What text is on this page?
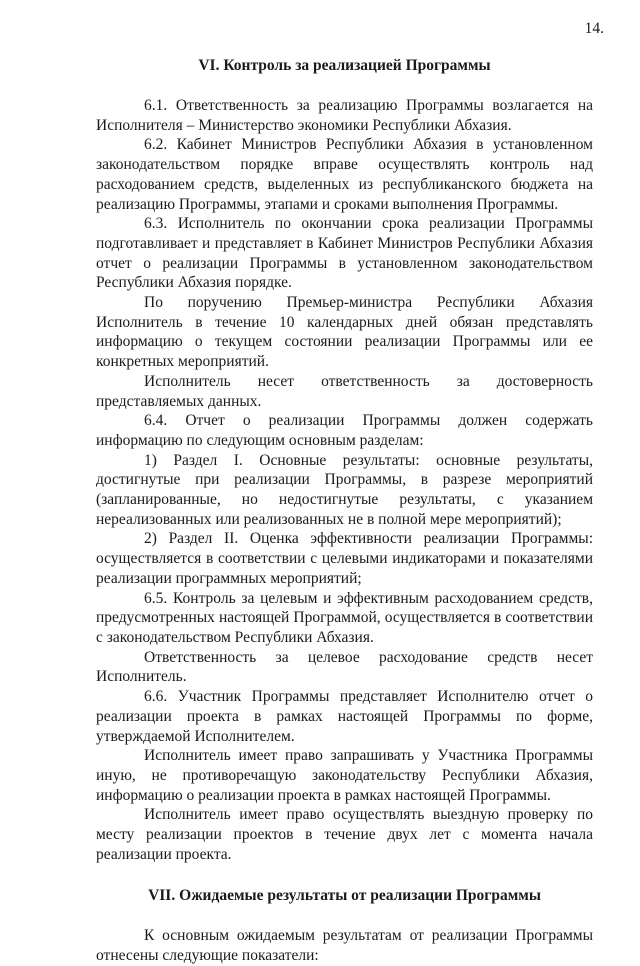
14.
VI. Контроль за реализацией Программы

6.1. Ответственность за реализацию Программы возлагается на Исполнителя – Министерство экономики Республики Абхазия.

6.2. Кабинет Министров Республики Абхазия в установленном законодательством порядке вправе осуществлять контроль над расходованием средств, выделенных из республиканского бюджета на реализацию Программы, этапами и сроками выполнения Программы.

6.3. Исполнитель по окончании срока реализации Программы подготавливает и представляет в Кабинет Министров Республики Абхазия отчет о реализации Программы в установленном законодательством Республики Абхазия порядке.

По поручению Премьер-министра Республики Абхазия Исполнитель в течение 10 календарных дней обязан представлять информацию о текущем состоянии реализации Программы или ее конкретных мероприятий.

Исполнитель несет ответственность за достоверность представляемых данных.

6.4. Отчет о реализации Программы должен содержать информацию по следующим основным разделам:

1) Раздел I. Основные результаты: основные результаты, достигнутые при реализации Программы, в разрезе мероприятий (запланированные, но недостигнутые результаты, с указанием нереализованных или реализованных не в полной мере мероприятий);

2) Раздел II. Оценка эффективности реализации Программы: осуществляется в соответствии с целевыми индикаторами и показателями реализации программных мероприятий;

6.5. Контроль за целевым и эффективным расходованием средств, предусмотренных настоящей Программой, осуществляется в соответствии с законодательством Республики Абхазия.

Ответственность за целевое расходование средств несет Исполнитель.

6.6. Участник Программы представляет Исполнителю отчет о реализации проекта в рамках настоящей Программы по форме, утверждаемой Исполнителем.

Исполнитель имеет право запрашивать у Участника Программы иную, не противоречащую законодательству Республики Абхазия, информацию о реализации проекта в рамках настоящей Программы.

Исполнитель имеет право осуществлять выездную проверку по месту реализации проектов в течение двух лет с момента начала реализации проекта.

VII. Ожидаемые результаты от реализации Программы

К основным ожидаемым результатам от реализации Программы отнесены следующие показатели:
